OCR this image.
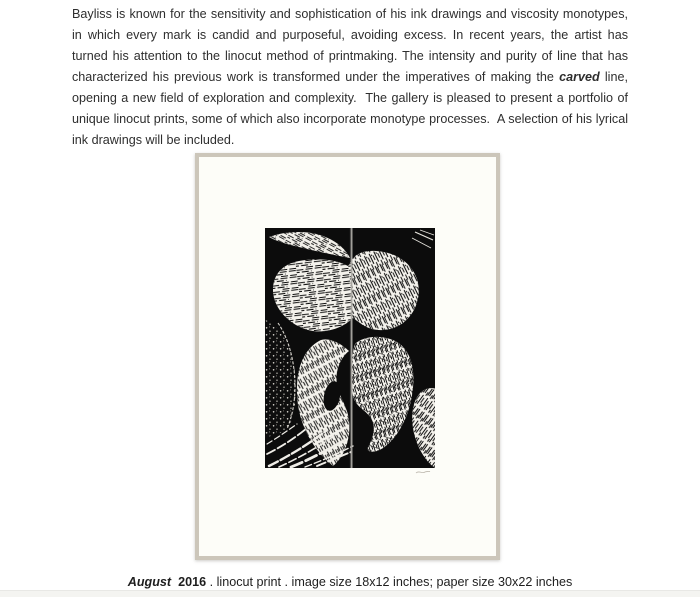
Bayliss is known for the sensitivity and sophistication of his ink drawings and viscosity monotypes, in which every mark is candid and purposeful, avoiding excess. In recent years, the artist has turned his attention to the linocut method of printmaking. The intensity and purity of line that has characterized his previous work is transformed under the imperatives of making the carved line, opening a new field of exploration and complexity.  The gallery is pleased to present a portfolio of unique linocut prints, some of which also incorporate monotype processes.  A selection of his lyrical ink drawings will be included.

August 2016 . linocut print . image size 18x12 inches; paper size 30x22 inches
